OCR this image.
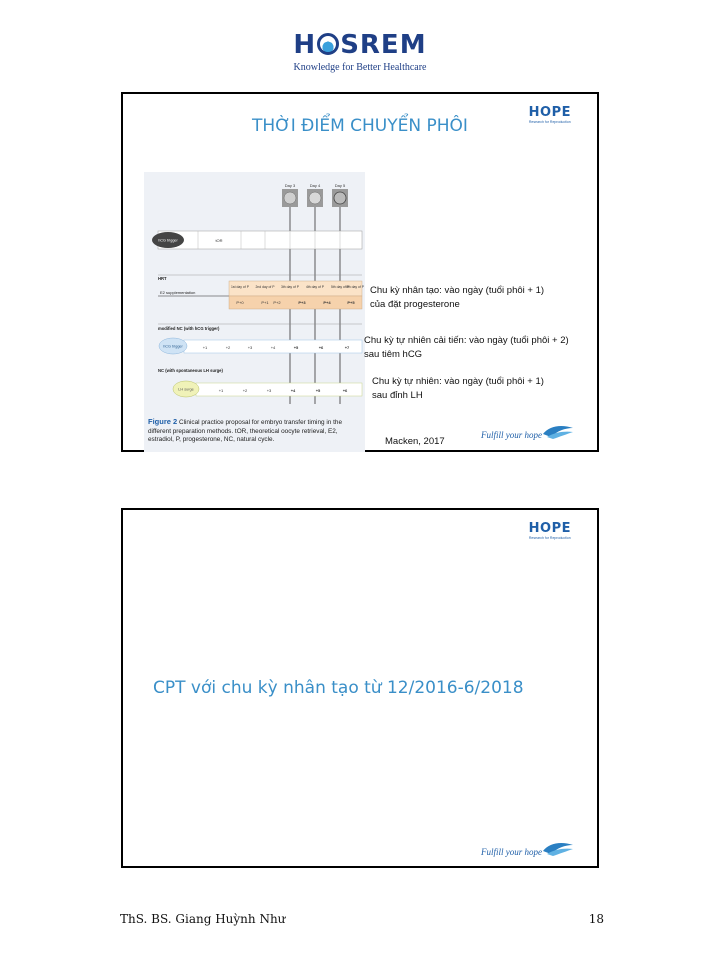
H SREM
Knowledge for Better Healthcare
HOPE
Research for Reproduction
THỜI ĐIỂM CHUYỂN PHÔI
Day 3	Day 4	Day 5
hCG trigger	tOR
HRT
E2 supplementation
1st day of P 2nd day of P 3th day of P 4th day of P 5th day of P
6th day of P
P+0	P+1 P+2	P+3	P+4	P+5
modified NC (with hCG trigger)
hCG trigger	+1	+2	+3	+4	+5	+6	+7
NC (with spontaneous LH surge)
LH surge	+1	+2	+3	+4	+5	+6
Figure 2 Clinical practice proposal for embryo transfer timing in the different preparation methods. tOR, theoretical oocyte retrieval, E2, estradiol, P, progesterone, NC, natural cycle.
Chu kỳ nhân tạo: vào ngày (tuổi phôi + 1)
của đặt progesterone
Chu kỳ tự nhiên cải tiến: vào ngày (tuổi phôi + 2)
sau tiêm hCG
Chu kỳ tự nhiên: vào ngày (tuổi phôi + 1)
sau đỉnh LH
Macken, 2017
Fulfill your hope
HOPE
Research for Reproduction
CPT với chu kỳ nhân tạo từ 12/2016-6/2018
Fulfill your hope
ThS. BS. Giang Huỳnh Như	18
